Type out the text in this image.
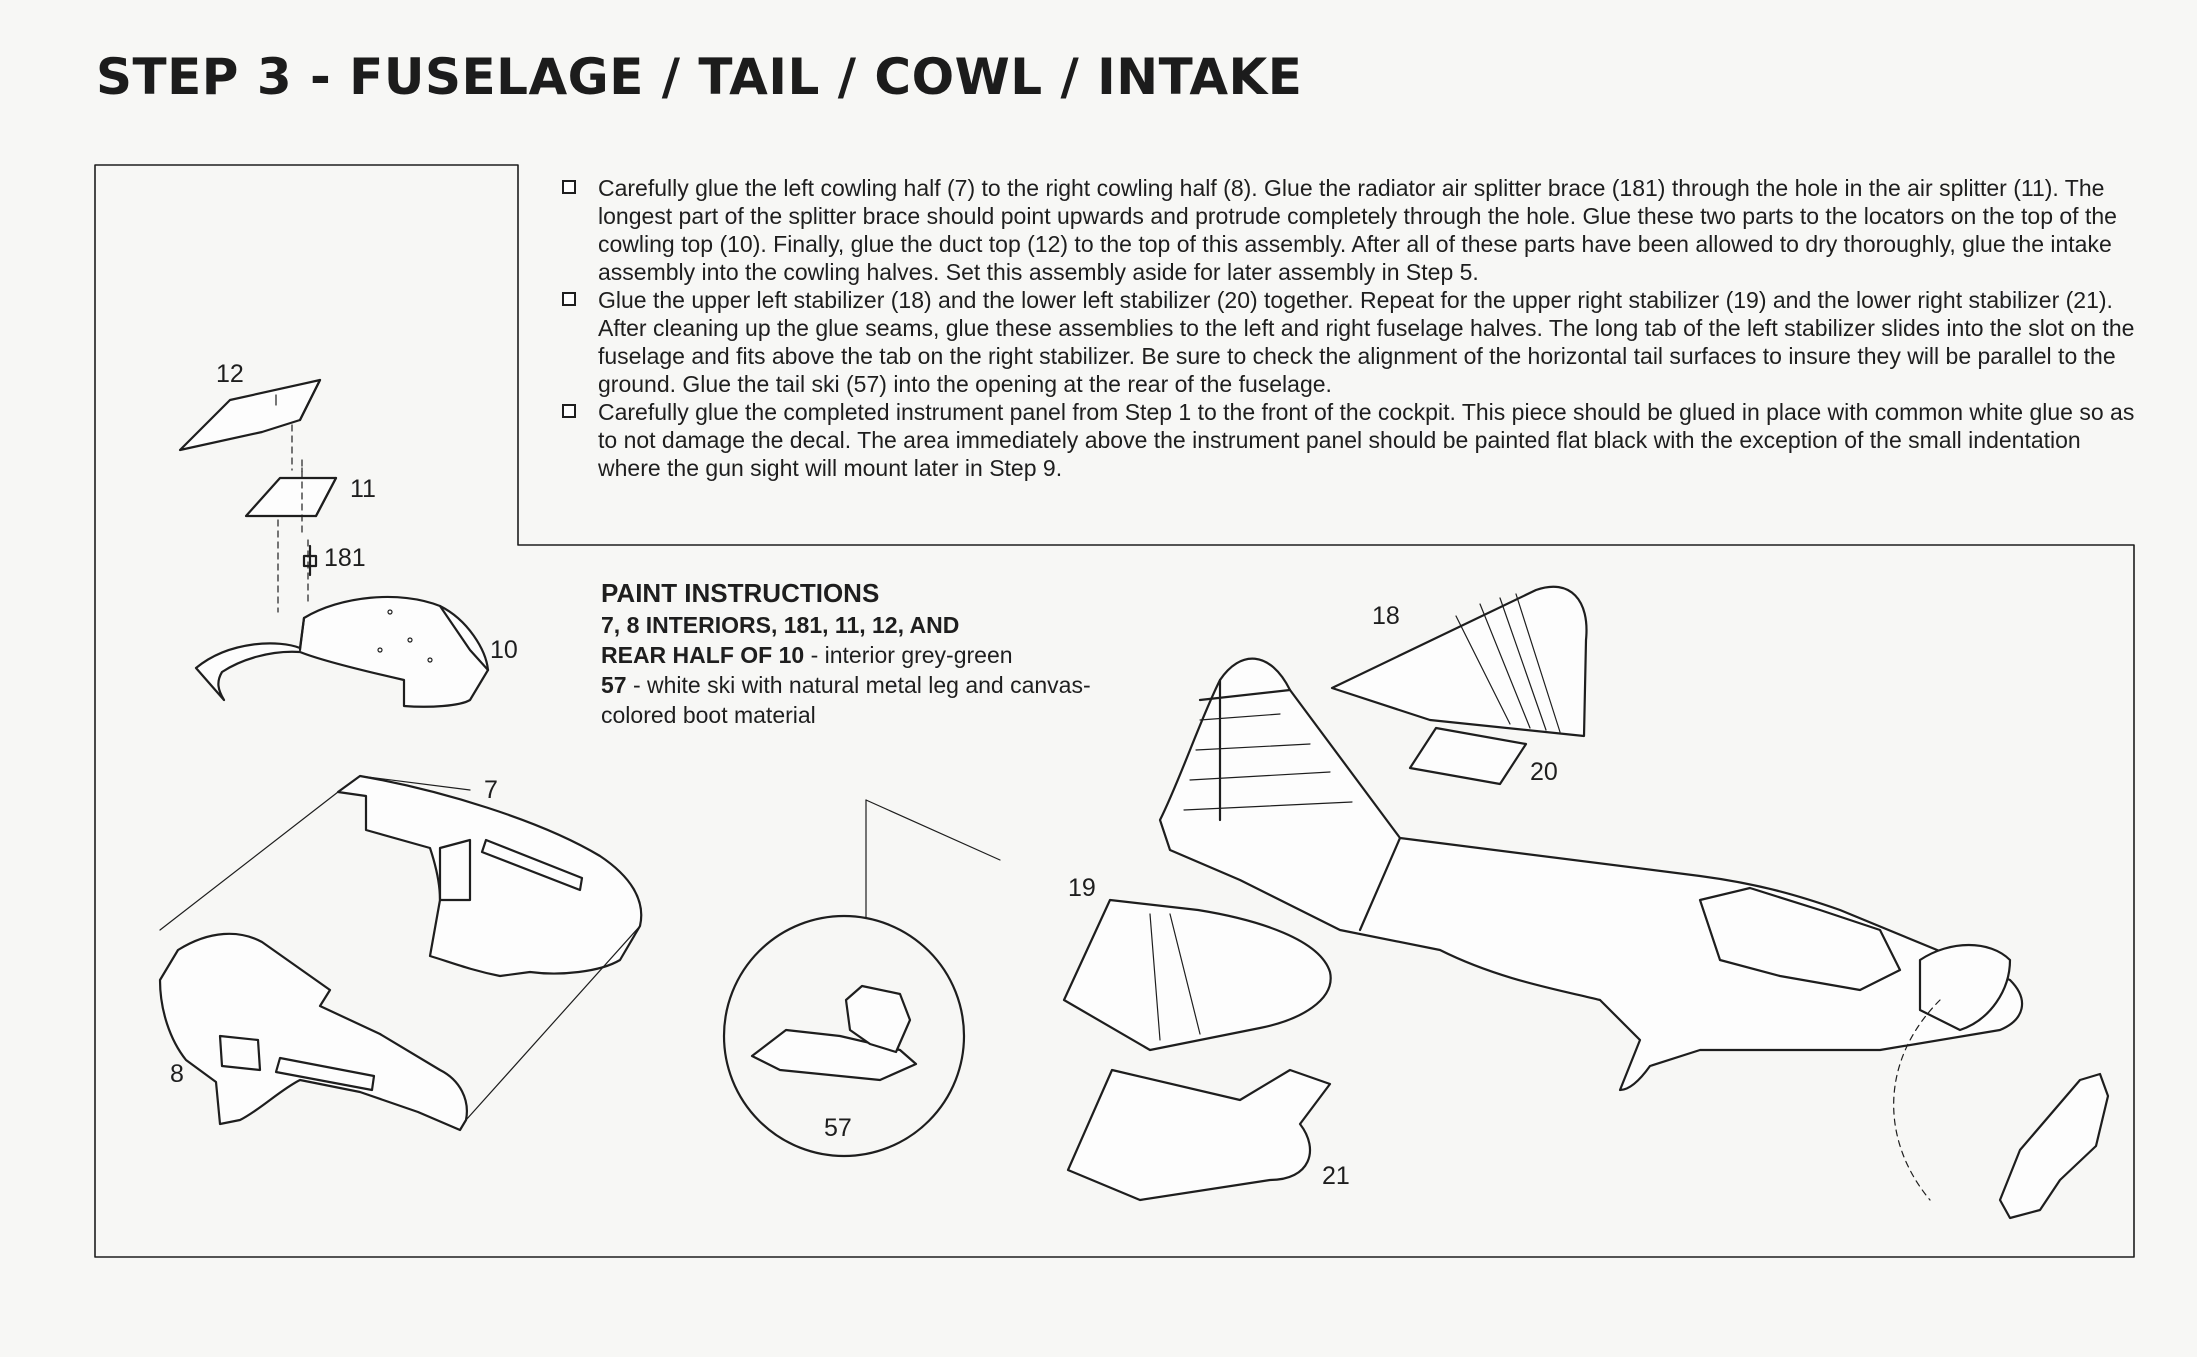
STEP 3 - FUSELAGE / TAIL / COWL / INTAKE

Carefully glue the left cowling half (7) to the right cowling half (8). Glue the radiator air splitter brace (181) through the hole in the air splitter (11). The longest part of the splitter brace should point upwards and protrude completely through the hole. Glue these two parts to the locators on the top of the cowling top (10). Finally, glue the duct top (12) to the top of this assembly. After all of these parts have been allowed to dry thoroughly, glue the intake assembly into the cowling halves. Set this assembly aside for later assembly in Step 5.

Glue the upper left stabilizer (18) and the lower left stabilizer (20) together. Repeat for the upper right stabilizer (19) and the lower right stabilizer (21). After cleaning up the glue seams, glue these assemblies to the left and right fuselage halves. The long tab of the left stabilizer slides into the slot on the fuselage and fits above the tab on the right stabilizer. Be sure to check the alignment of the horizontal tail surfaces to insure they will be parallel to the ground. Glue the tail ski (57) into the opening at the rear of the fuselage.

Carefully glue the completed instrument panel from Step 1 to the front of the cockpit. This piece should be glued in place with common white glue so as to not damage the decal. The area immediately above the instrument panel should be painted flat black with the exception of the small indentation where the gun sight will mount later in Step 9.

PAINT INSTRUCTIONS
7, 8 INTERIORS, 181, 11, 12, AND
REAR HALF OF 10 - interior grey-green
57 - white ski with natural metal leg and canvas-
colored boot material
12
11
181
10
7
8
57
18
19
20
21
